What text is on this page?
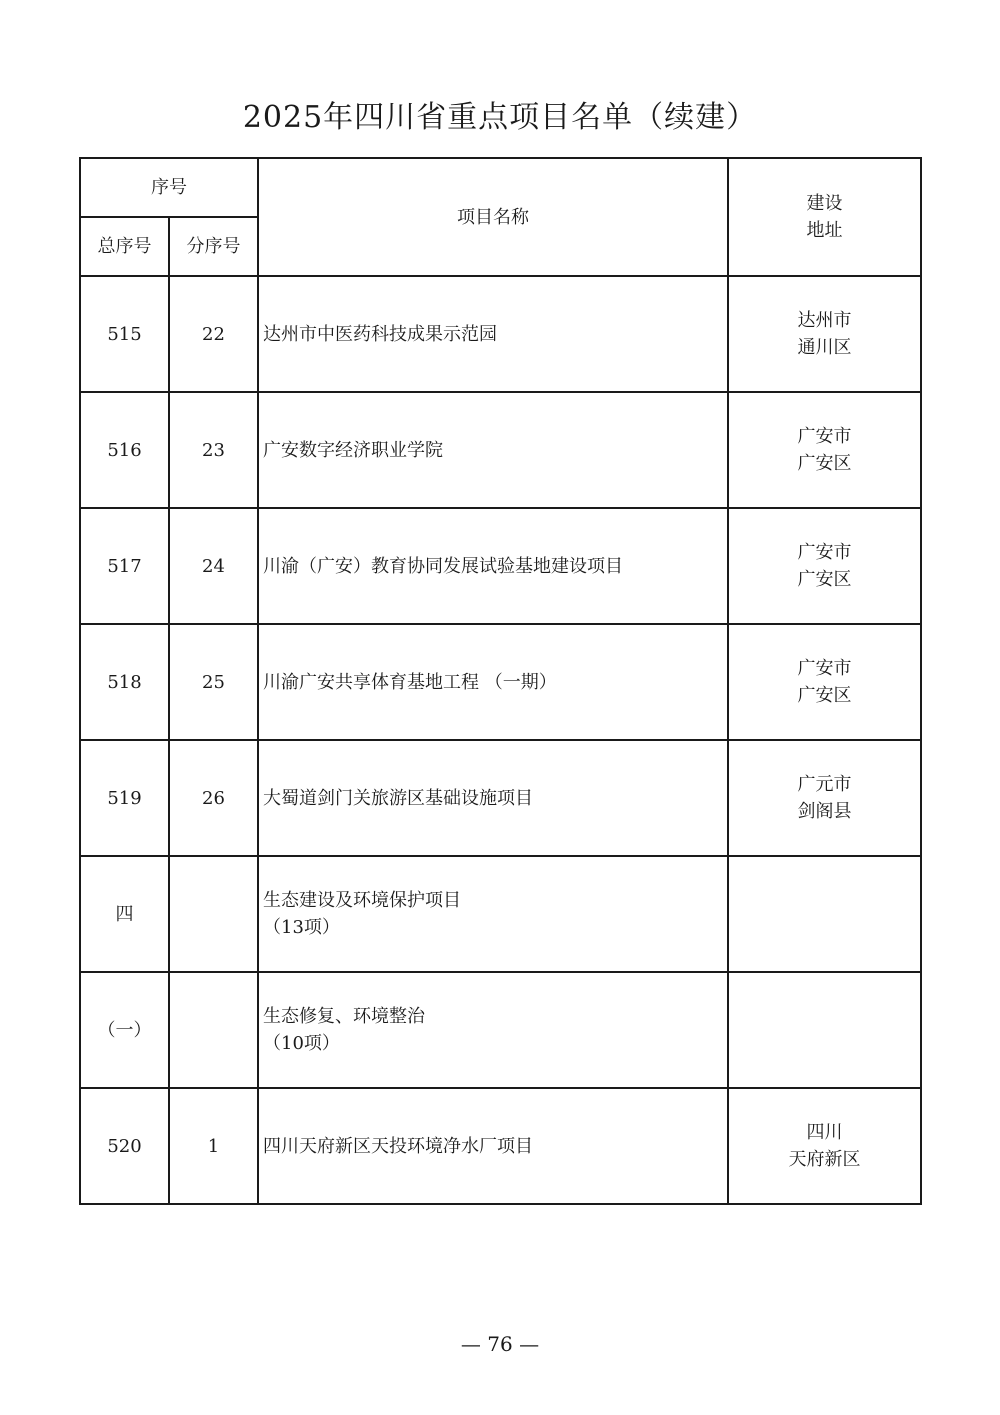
2025年四川省重点项目名单（续建）
序号		项目名称	建设
地址

总序号	分序号		
515	22	达州市中医药科技成果示范园	达州市
通川区

516	23	广安数字经济职业学院	广安市
广安区

517	24	川渝（广安）教育协同发展试验基地建设项目	广安市
广安区

518	25	川渝广安共享体育基地工程 （一期）	广安市
广安区

519	26	大蜀道剑门关旅游区基础设施项目	广元市
剑阁县

四		生态建设及环境保护项目
（13项）	

（一）		生态修复、环境整治
（10项）	

520	1	四川天府新区天投环境净水厂项目	四川
天府新区
— 76 —
